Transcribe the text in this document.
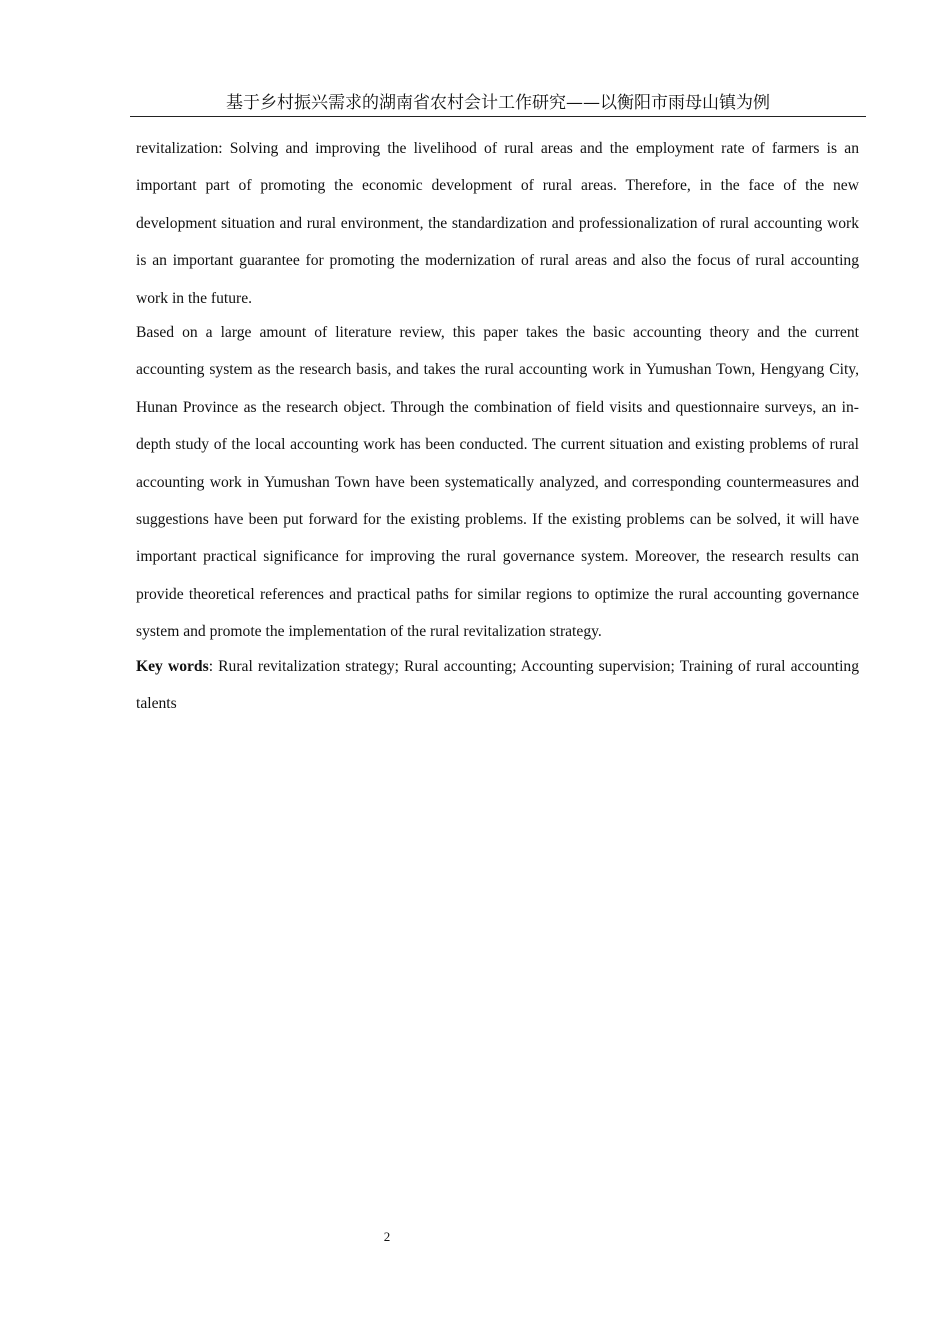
基于乡村振兴需求的湖南省农村会计工作研究——以衡阳市雨母山镇为例

revitalization: Solving and improving the livelihood of rural areas and the employment rate of farmers is an important part of promoting the economic development of rural areas. Therefore, in the face of the new development situation and rural environment, the standardization and professionalization of rural accounting work is an important guarantee for promoting the modernization of rural areas and also the focus of rural accounting work in the future.

Based on a large amount of literature review, this paper takes the basic accounting theory and the current accounting system as the research basis, and takes the rural accounting work in Yumushan Town, Hengyang City, Hunan Province as the research object. Through the combination of field visits and questionnaire surveys, an in-depth study of the local accounting work has been conducted. The current situation and existing problems of rural accounting work in Yumushan Town have been systematically analyzed, and corresponding countermeasures and suggestions have been put forward for the existing problems. If the existing problems can be solved, it will have important practical significance for improving the rural governance system. Moreover, the research results can provide theoretical references and practical paths for similar regions to optimize the rural accounting governance system and promote the implementation of the rural revitalization strategy.

Key words: Rural revitalization strategy; Rural accounting; Accounting supervision; Training of rural accounting talents

2
